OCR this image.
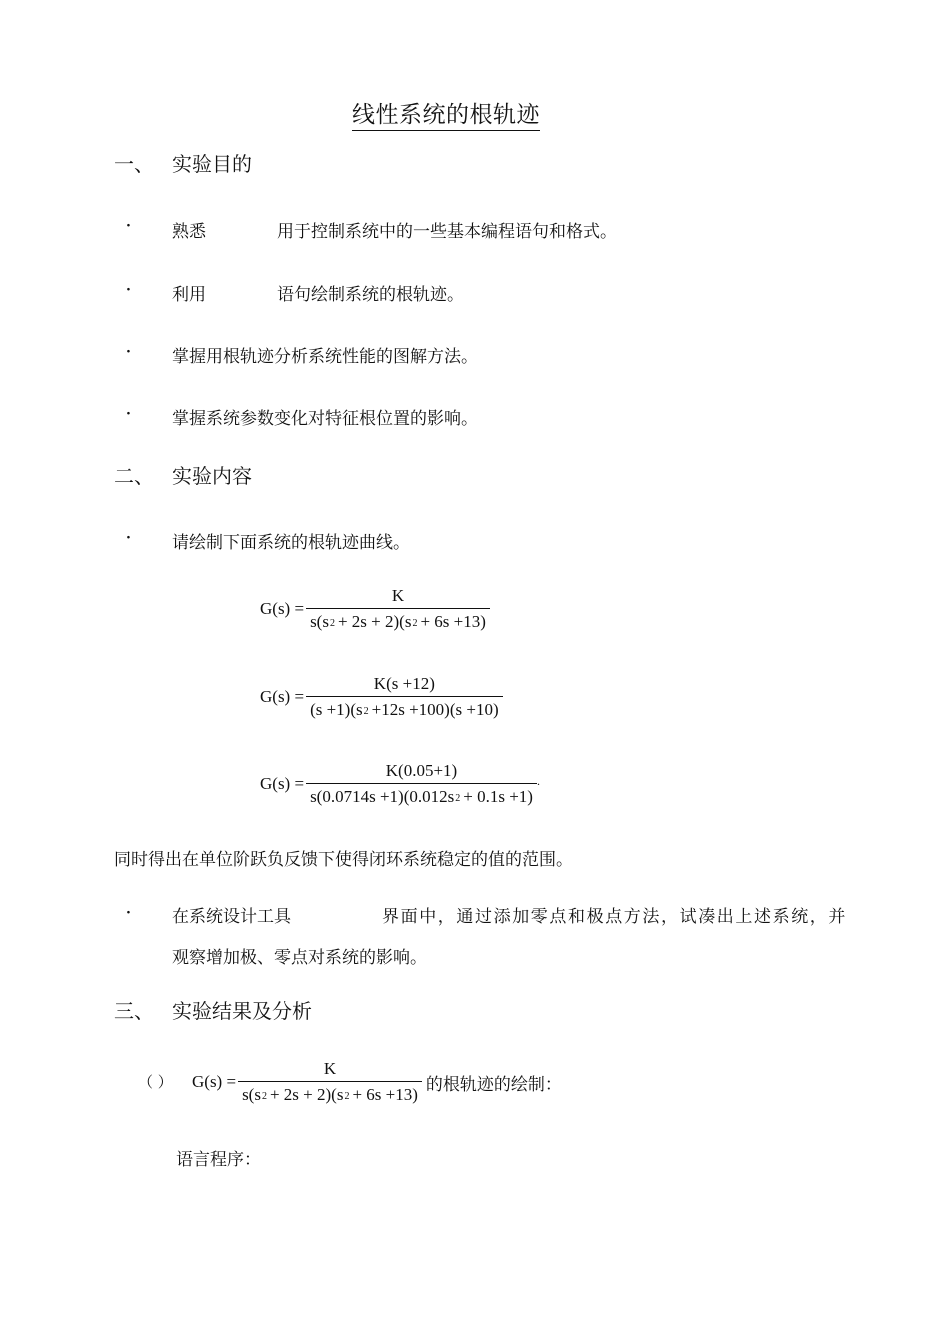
线性系统的根轨迹
一、 实验目的
· 熟悉	用于控制系统中的一些基本编程语句和格式。
· 利用	语句绘制系统的根轨迹。
· 掌握用根轨迹分析系统性能的图解方法。
· 掌握系统参数变化对特征根位置的影响。
二、 实验内容
· 请绘制下面系统的根轨迹曲线。
$G(s) = \frac{K}{s(s2 + 2s + 2)(s2 + 6s +13)}$
$G(s) = \frac{K(s +12)}{(s +1)(s2 +12s +100)(s +10)}$
$G(s) = \frac{K(0.05+1)}{s(0.0714s +1)(0.012s2 + 0.1s +1)}$ .
同时得出在单位阶跃负反馈下使得闭环系统稳定的值的范围。
· 在系统设计工具	界面中，通过添加零点和极点方法，试凑出上述系统，并
观察增加极、零点对系统的影响。
三、 实验结果及分析
（ ） $G(s) = \frac{K}{s(s2 + 2s + 2)(s2 + 6s +13)}$ 的根轨迹的绘制：
语言程序：
